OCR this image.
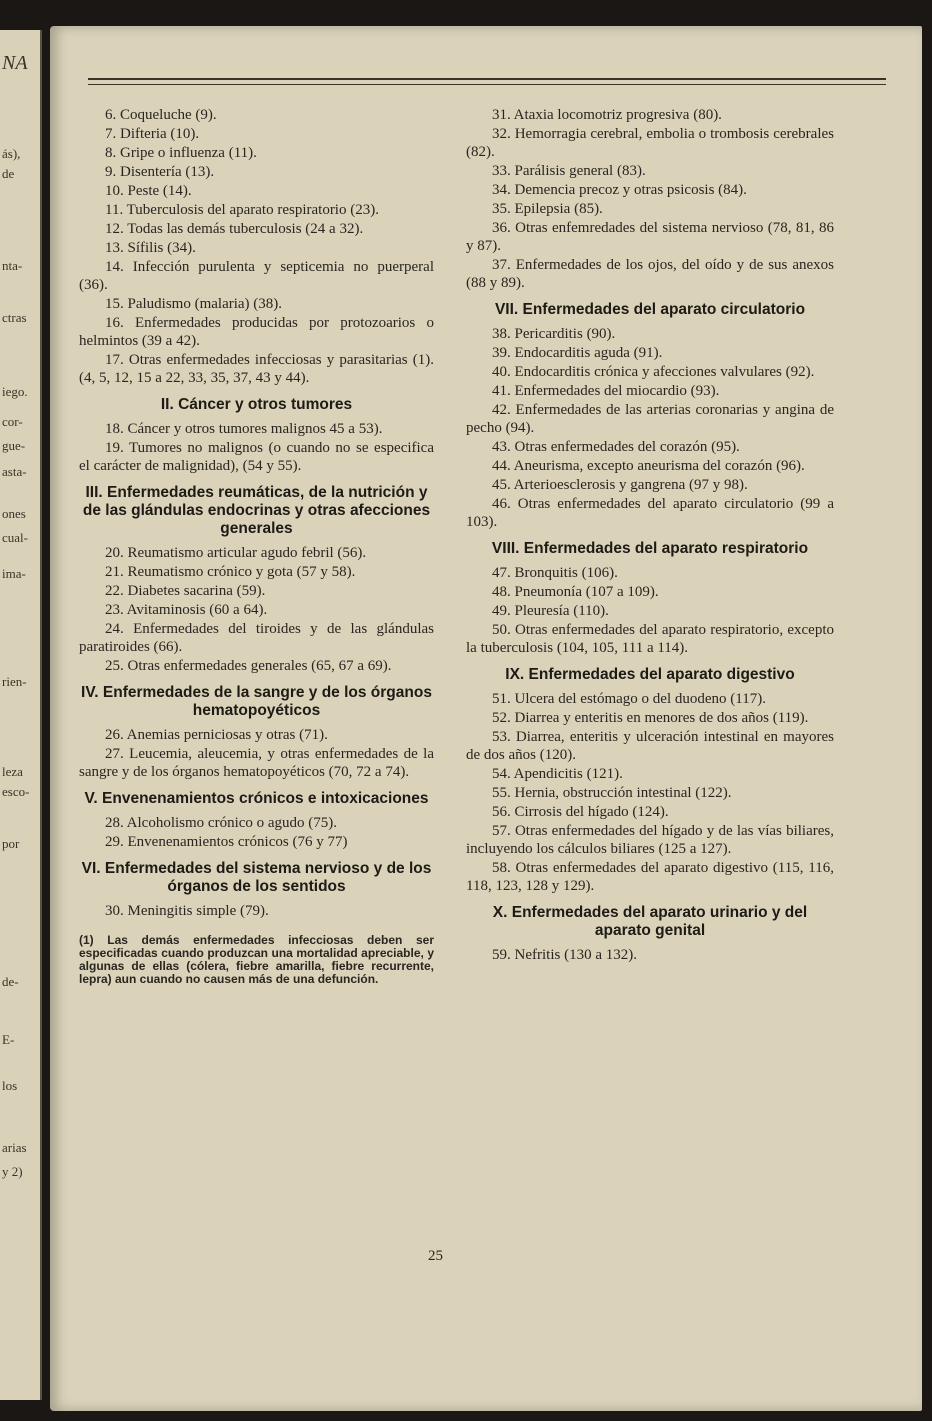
NA
ás),
de
nta-
ctras
iego.
cor-
gue-
asta-
ones
cual-
ima-
rien-
leza
esco-
por
de-
E-
los
arias
y 2)
6. Coqueluche (9).
7. Difteria (10).
8. Gripe o influenza (11).
9. Disentería (13).
10. Peste (14).
11. Tuberculosis del aparato respiratorio (23).
12. Todas las demás tuberculosis (24 a 32).
13. Sífilis (34).
14. Infección purulenta y septicemia no puerperal (36).
15. Paludismo (malaria) (38).
16. Enfermedades producidas por protozoarios o helmintos (39 a 42).
17. Otras enfermedades infecciosas y parasitarias (1). (4, 5, 12, 15 a 22, 33, 35, 37, 43 y 44).
II. Cáncer y otros tumores
18. Cáncer y otros tumores malignos 45 a 53).
19. Tumores no malignos (o cuando no se especifica el carácter de malignidad), (54 y 55).
III. Enfermedades reumáticas, de la nutrición y de las glándulas endocrinas y otras afecciones generales
20. Reumatismo articular agudo febril (56).
21. Reumatismo crónico y gota (57 y 58).
22. Diabetes sacarina (59).
23. Avitaminosis (60 a 64).
24. Enfermedades del tiroides y de las glándulas paratiroides (66).
25. Otras enfermedades generales (65, 67 a 69).
IV. Enfermedades de la sangre y de los órganos hematopoyéticos
26. Anemias perniciosas y otras (71).
27. Leucemia, aleucemia, y otras enfermedades de la sangre y de los órganos hematopoyéticos (70, 72 a 74).
V. Envenenamientos crónicos e intoxicaciones
28. Alcoholismo crónico o agudo (75).
29. Envenenamientos crónicos (76 y 77)
VI. Enfermedades del sistema nervioso y de los órganos de los sentidos
30. Meningitis simple (79).
(1) Las demás enfermedades infecciosas deben ser especificadas cuando produzcan una mortalidad apreciable, y algunas de ellas (cólera, fiebre amarilla, fiebre recurrente, lepra) aun cuando no causen más de una defunción.
31. Ataxia locomotriz progresiva (80).
32. Hemorragia cerebral, embolia o trombosis cerebrales (82).
33. Parálisis general (83).
34. Demencia precoz y otras psicosis (84).
35. Epilepsia (85).
36. Otras enfemredades del sistema nervioso (78, 81, 86 y 87).
37. Enfermedades de los ojos, del oído y de sus anexos (88 y 89).
VII. Enfermedades del aparato circulatorio
38. Pericarditis (90).
39. Endocarditis aguda (91).
40. Endocarditis crónica y afecciones valvulares (92).
41. Enfermedades del miocardio (93).
42. Enfermedades de las arterias coronarias y angina de pecho (94).
43. Otras enfermedades del corazón (95).
44. Aneurisma, excepto aneurisma del corazón (96).
45. Arterioesclerosis y gangrena (97 y 98).
46. Otras enfermedades del aparato circulatorio (99 a 103).
VIII. Enfermedades del aparato respiratorio
47. Bronquitis (106).
48. Pneumonía (107 a 109).
49. Pleuresía (110).
50. Otras enfermedades del aparato respiratorio, excepto la tuberculosis (104, 105, 111 a 114).
IX. Enfermedades del aparato digestivo
51. Ulcera del estómago o del duodeno (117).
52. Diarrea y enteritis en menores de dos años (119).
53. Diarrea, enteritis y ulceración intestinal en mayores de dos años (120).
54. Apendicitis (121).
55. Hernia, obstrucción intestinal (122).
56. Cirrosis del hígado (124).
57. Otras enfermedades del hígado y de las vías biliares, incluyendo los cálculos biliares (125 a 127).
58. Otras enfermedades del aparato digestivo (115, 116, 118, 123, 128 y 129).
X. Enfermedades del aparato urinario y del aparato genital
59. Nefritis (130 a 132).
25
